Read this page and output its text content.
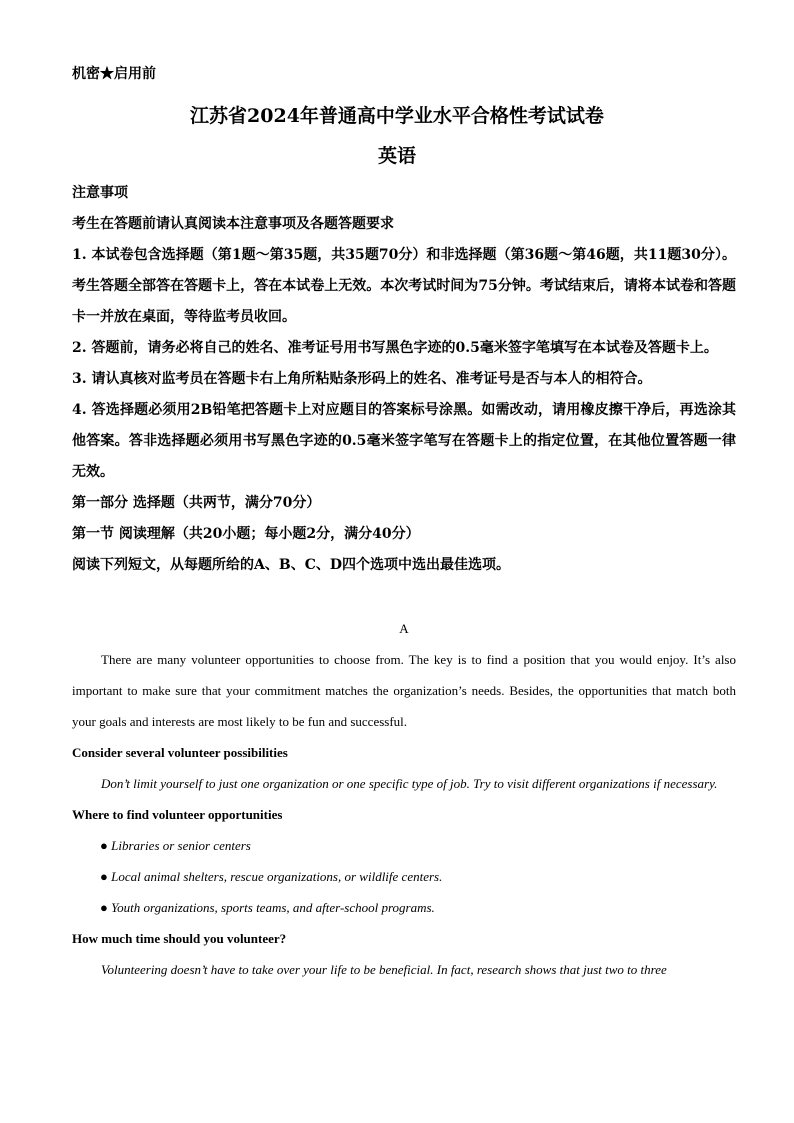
机密★启用前
江苏省2024年普通高中学业水平合格性考试试卷
英语

注意事项

考生在答题前请认真阅读本注意事项及各题答题要求

1. 本试卷包含选择题（第1题～第35题，共35题70分）和非选择题（第36题～第46题，共11题30分）。考生答题全部答在答题卡上，答在本试卷上无效。本次考试时间为75分钟。考试结束后，请将本试卷和答题卡一并放在桌面，等待监考员收回。

2. 答题前，请务必将自己的姓名、准考证号用书写黑色字迹的0.5毫米签字笔填写在本试卷及答题卡上。

3. 请认真核对监考员在答题卡右上角所粘贴条形码上的姓名、准考证号是否与本人的相符合。

4. 答选择题必须用2B铅笔把答题卡上对应题目的答案标号涂黑。如需改动，请用橡皮擦干净后，再选涂其他答案。答非选择题必须用书写黑色字迹的0.5毫米签字笔写在答题卡上的指定位置，在其他位置答题一律无效。

第一部分 选择题（共两节，满分70分）

第一节 阅读理解（共20小题；每小题2分，满分40分）

阅读下列短文，从每题所给的A、B、C、D四个选项中选出最佳选项。

A

There are many volunteer opportunities to choose from. The key is to find a position that you would enjoy. It’s also important to make sure that your commitment matches the organization’s needs. Besides, the opportunities that match both your goals and interests are most likely to be fun and successful.

Consider several volunteer possibilities

Don’t limit yourself to just one organization or one specific type of job. Try to visit different organizations if necessary.

Where to find volunteer opportunities

● Libraries or senior centers

● Local animal shelters, rescue organizations, or wildlife centers.

● Youth organizations, sports teams, and after-school programs.

How much time should you volunteer?

Volunteering doesn’t have to take over your life to be beneficial. In fact, research shows that just two to three
